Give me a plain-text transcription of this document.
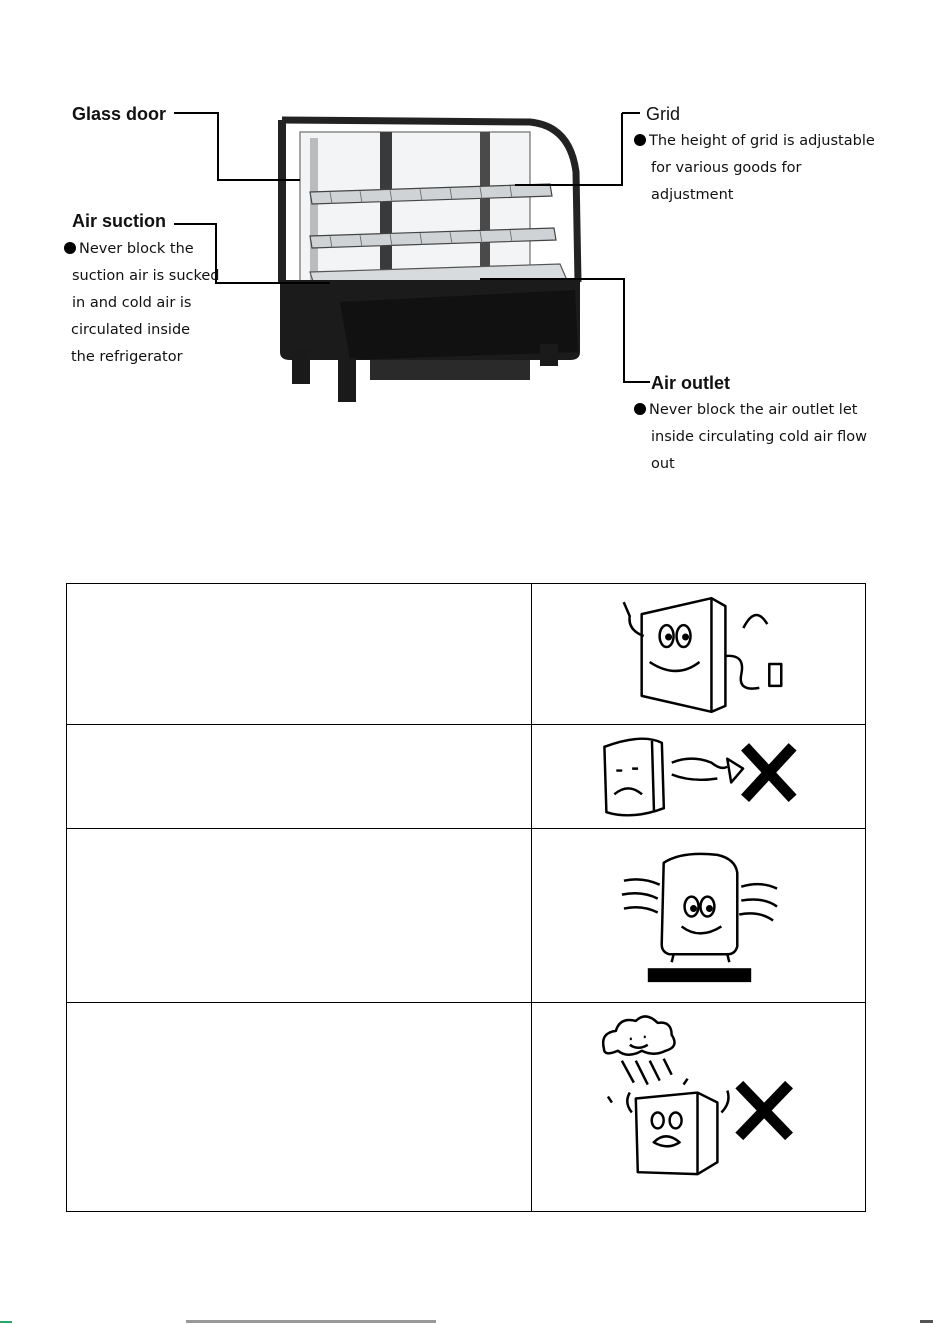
Glass door	Grid
The height of grid is adjustable
for various goods for
adjustment
Air suction
Never block the
suction air is sucked
in and cold air is
circulated inside
the refrigerator
Air outlet
Never block the air outlet let
inside circulating cold air flow
out
